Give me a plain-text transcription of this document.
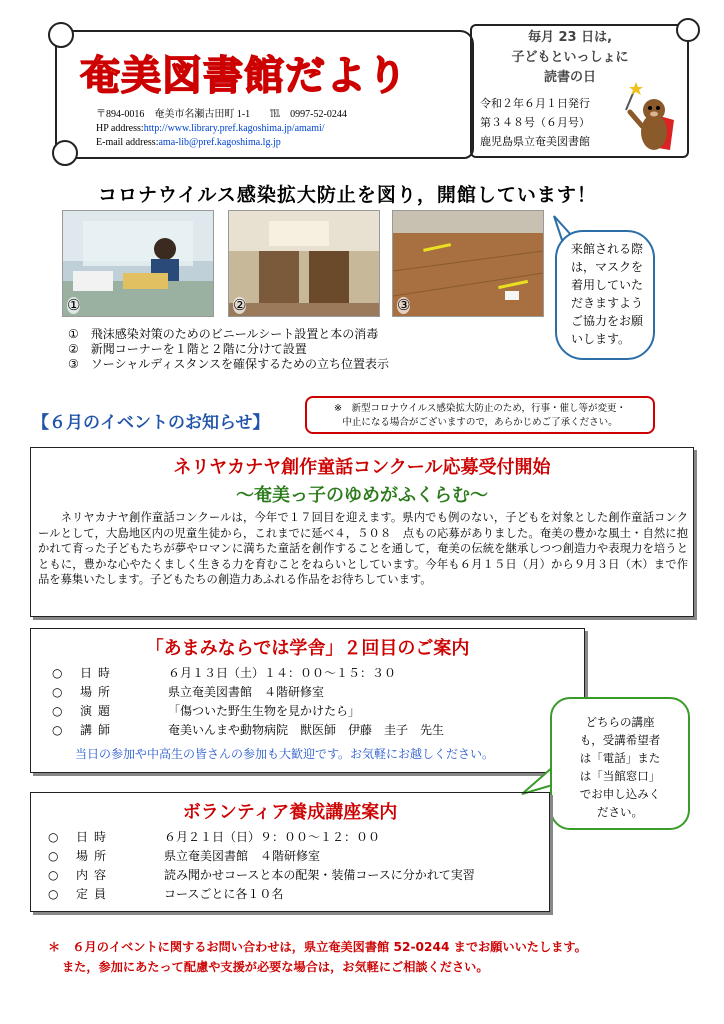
奄美図書館だより
〒894-0016　奄美市名瀬古田町 1-1　　℡　0997-52-0244
HP address:http://www.library.pref.kagoshima.jp/amami/
E-mail address:ama-lib@pref.kagoshima.lg.jp
毎月 23 日は,
子どもといっしょに
読書の日
令和２年６月１日発行
第３４８号（６月号）
鹿児島県立奄美図書館
コロナウイルス感染拡大防止を図り，開館しています！
①	②	③
来館される際は，マスクを着用していただきますようご協力をお願いします。
①　 飛沫感染対策のためのビニールシート設置と本の消毒
②　 新聞コーナーを１階と２階に分けて設置
③　 ソーシャルディスタンスを確保するための立ち位置表示
【６月のイベントのお知らせ】
※　新型コロナウイルス感染拡大防止のため，行事・催し等が変更・
中止になる場合がございますので，あらかじめご了承ください。
ネリヤカナヤ創作童話コンクール応募受付開始
～奄美っ子のゆめがふくらむ～
ネリヤカナヤ創作童話コンクールは，今年で１７回目を迎えます。県内でも例のない，子どもを対象とした創作童話コンクールとして，大島地区内の児童生徒から，これまでに延べ４，５０８　点もの応募がありました。奄美の豊かな風土・自然に抱かれて育った子どもたちが夢やロマンに満ちた童話を創作することを通して，奄美の伝統を継承しつつ創造力や表現力を培うとともに，豊かな心やたくましく生きる力を育むことをねらいとしています。今年も６月１５日（月）から９月３日（木）まで作品を募集いたします。子どもたちの創造力あふれる作品をお待ちしています。
「あまみならでは学舎」２回目のご案内
○	日時	６月１３日（土）１４：００～１５：３０
○	場所	県立奄美図書館　４階研修室
○	演題	「傷ついた野生生物を見かけたら」
○	講師	奄美いんまや動物病院　獣医師　伊藤　圭子　先生
当日の参加や中高生の皆さんの参加も大歓迎です。お気軽にお越しください。
どちらの講座
も，受講希望者
は「電話」また
は「当館窓口」
でお申し込みく
ださい。
ボランティア養成講座案内
○	日時	６月２１日（日）９：００～１２：００
○	場所	県立奄美図書館　４階研修室
○	内容	読み聞かせコースと本の配架・装備コースに分かれて実習
○	定員	コースごとに各１０名
＊　６月のイベントに関するお問い合わせは，県立奄美図書館 52-0244 までお願いいたします。
また，参加にあたって配慮や支援が必要な場合は，お気軽にご相談ください。
